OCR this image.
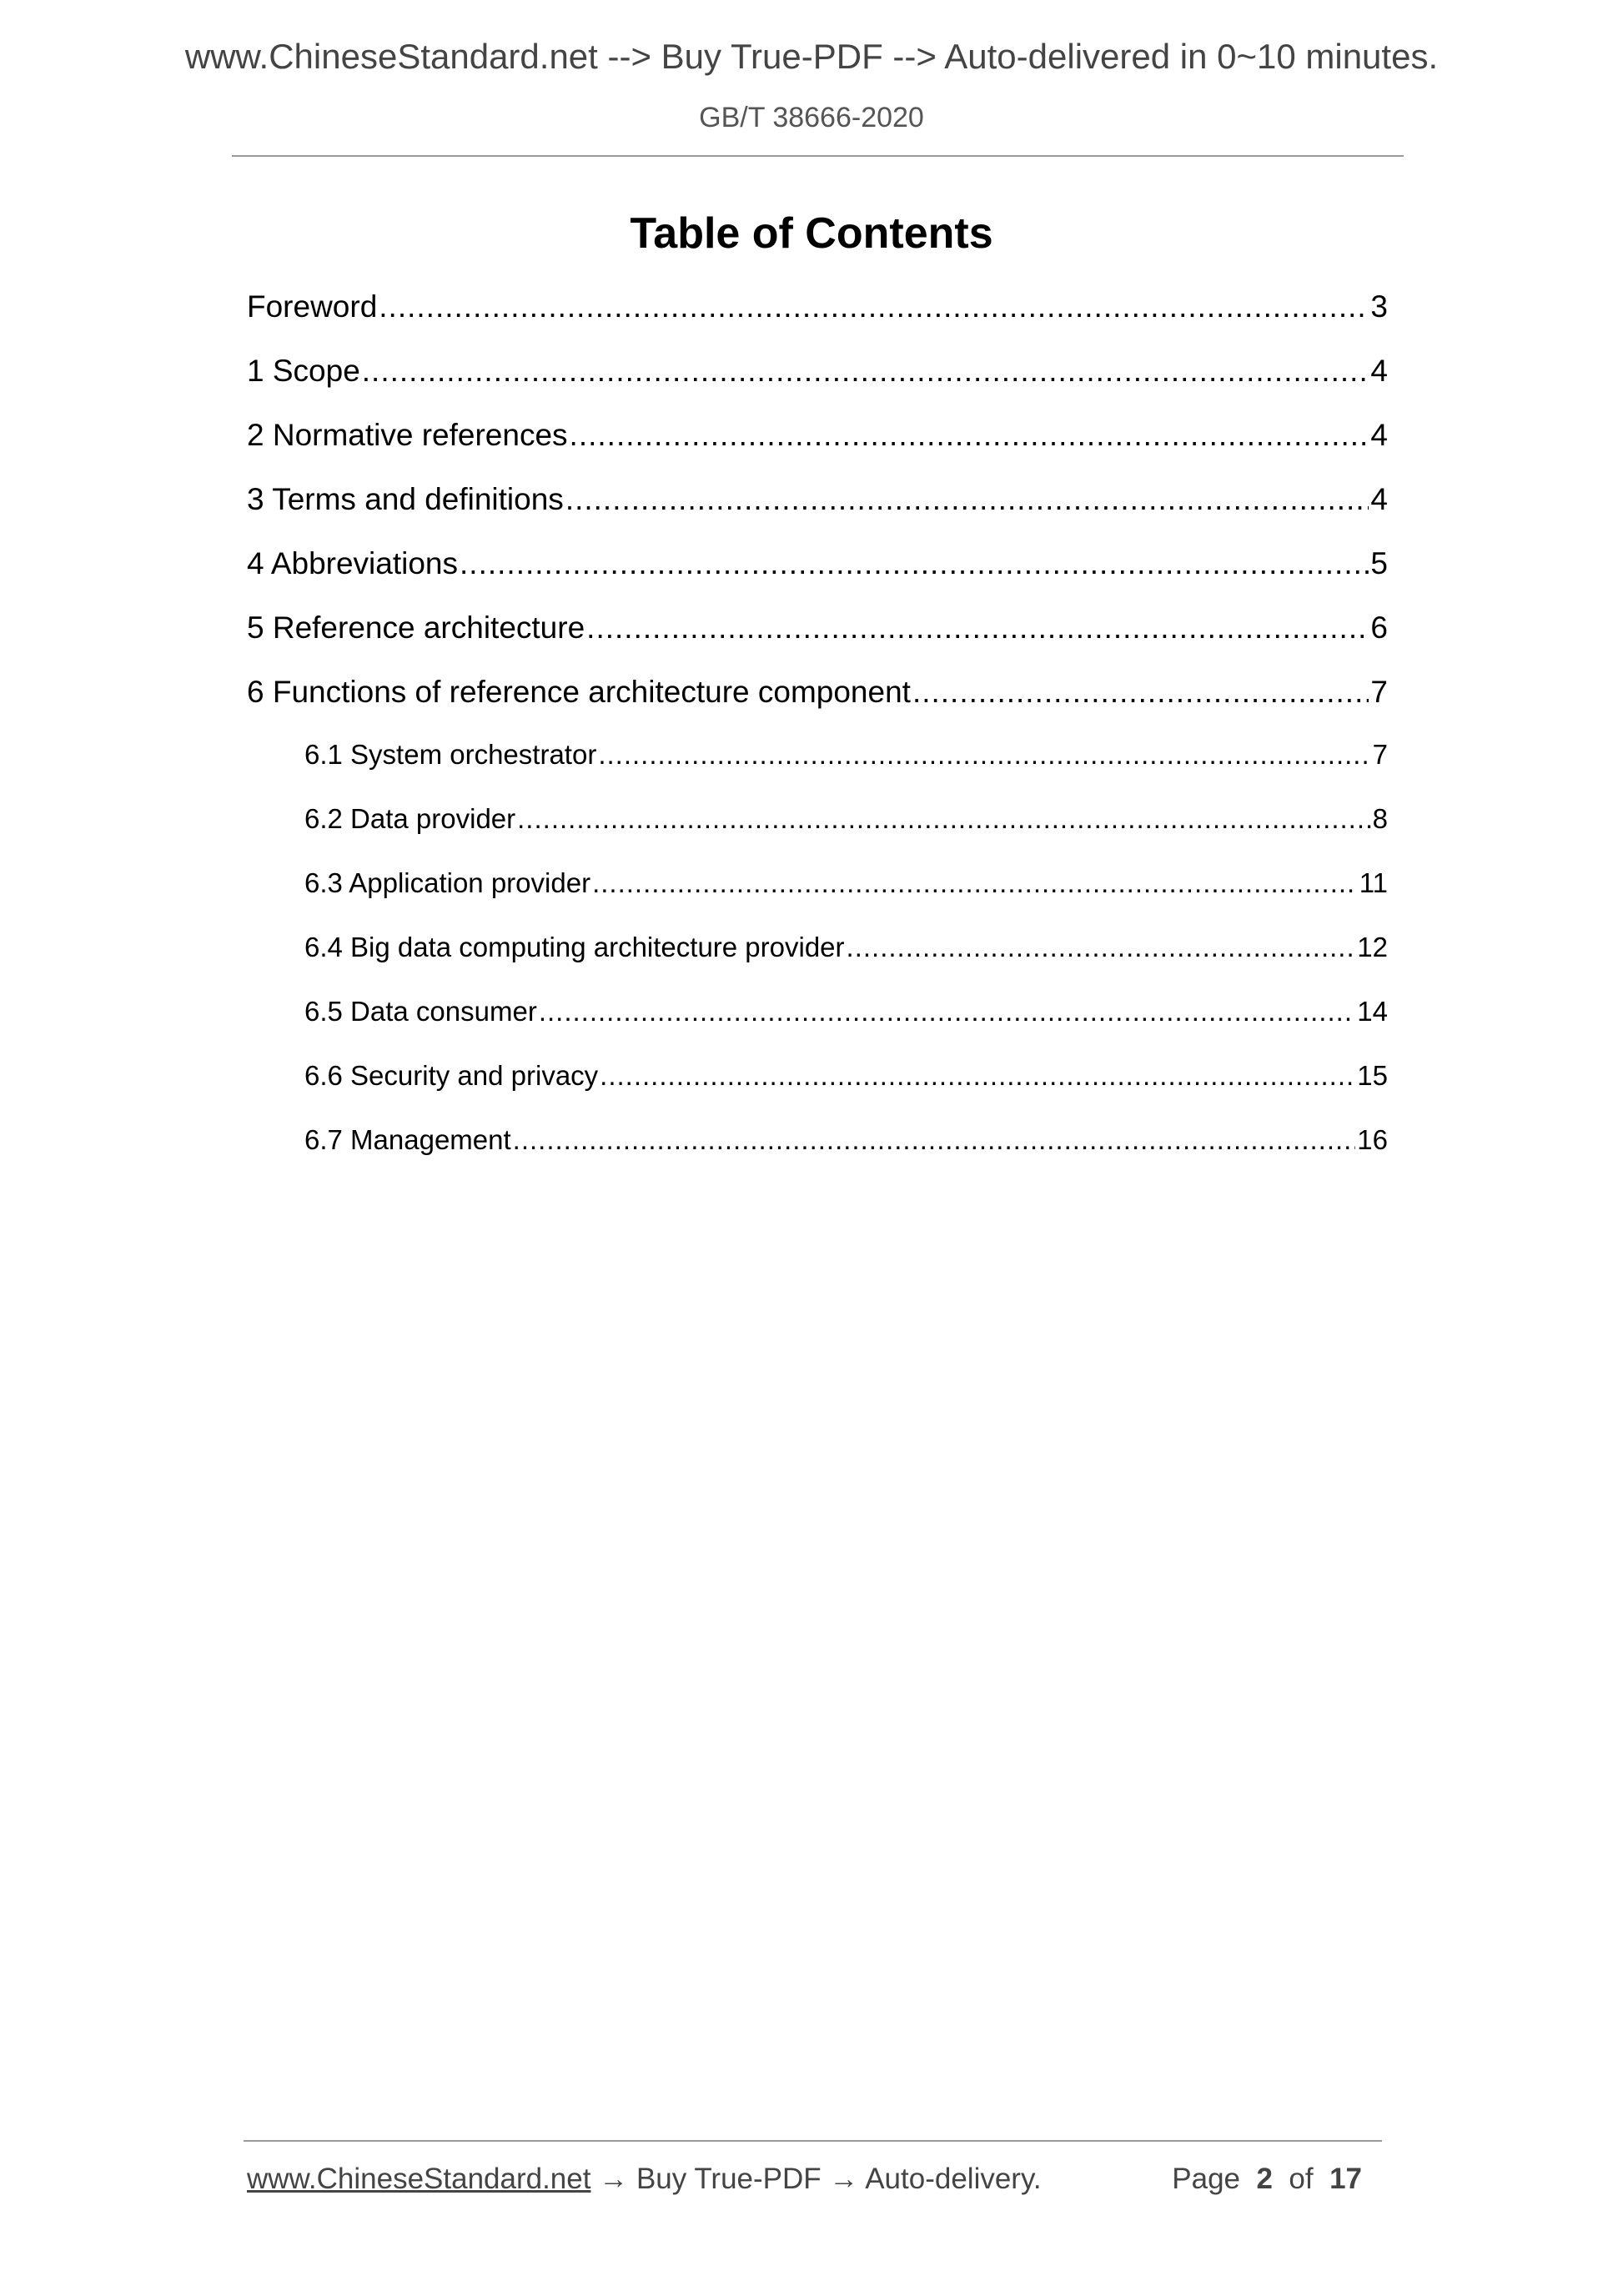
www.ChineseStandard.net --> Buy True-PDF --> Auto-delivered in 0~10 minutes.
GB/T 38666-2020
Table of Contents
Foreword .....	3
1 Scope .....	4
2 Normative references .....	4
3 Terms and definitions .....	4
4 Abbreviations .....	5
5 Reference architecture .....	6
6 Functions of reference architecture component .....	7
6.1 System orchestrator .....	7
6.2 Data provider .....	8
6.3 Application provider .....	11
6.4 Big data computing architecture provider .....	12
6.5 Data consumer .....	14
6.6 Security and privacy .....	15
6.7 Management .....	16
www.ChineseStandard.net → Buy True-PDF → Auto-delivery.	Page 2 of 17
